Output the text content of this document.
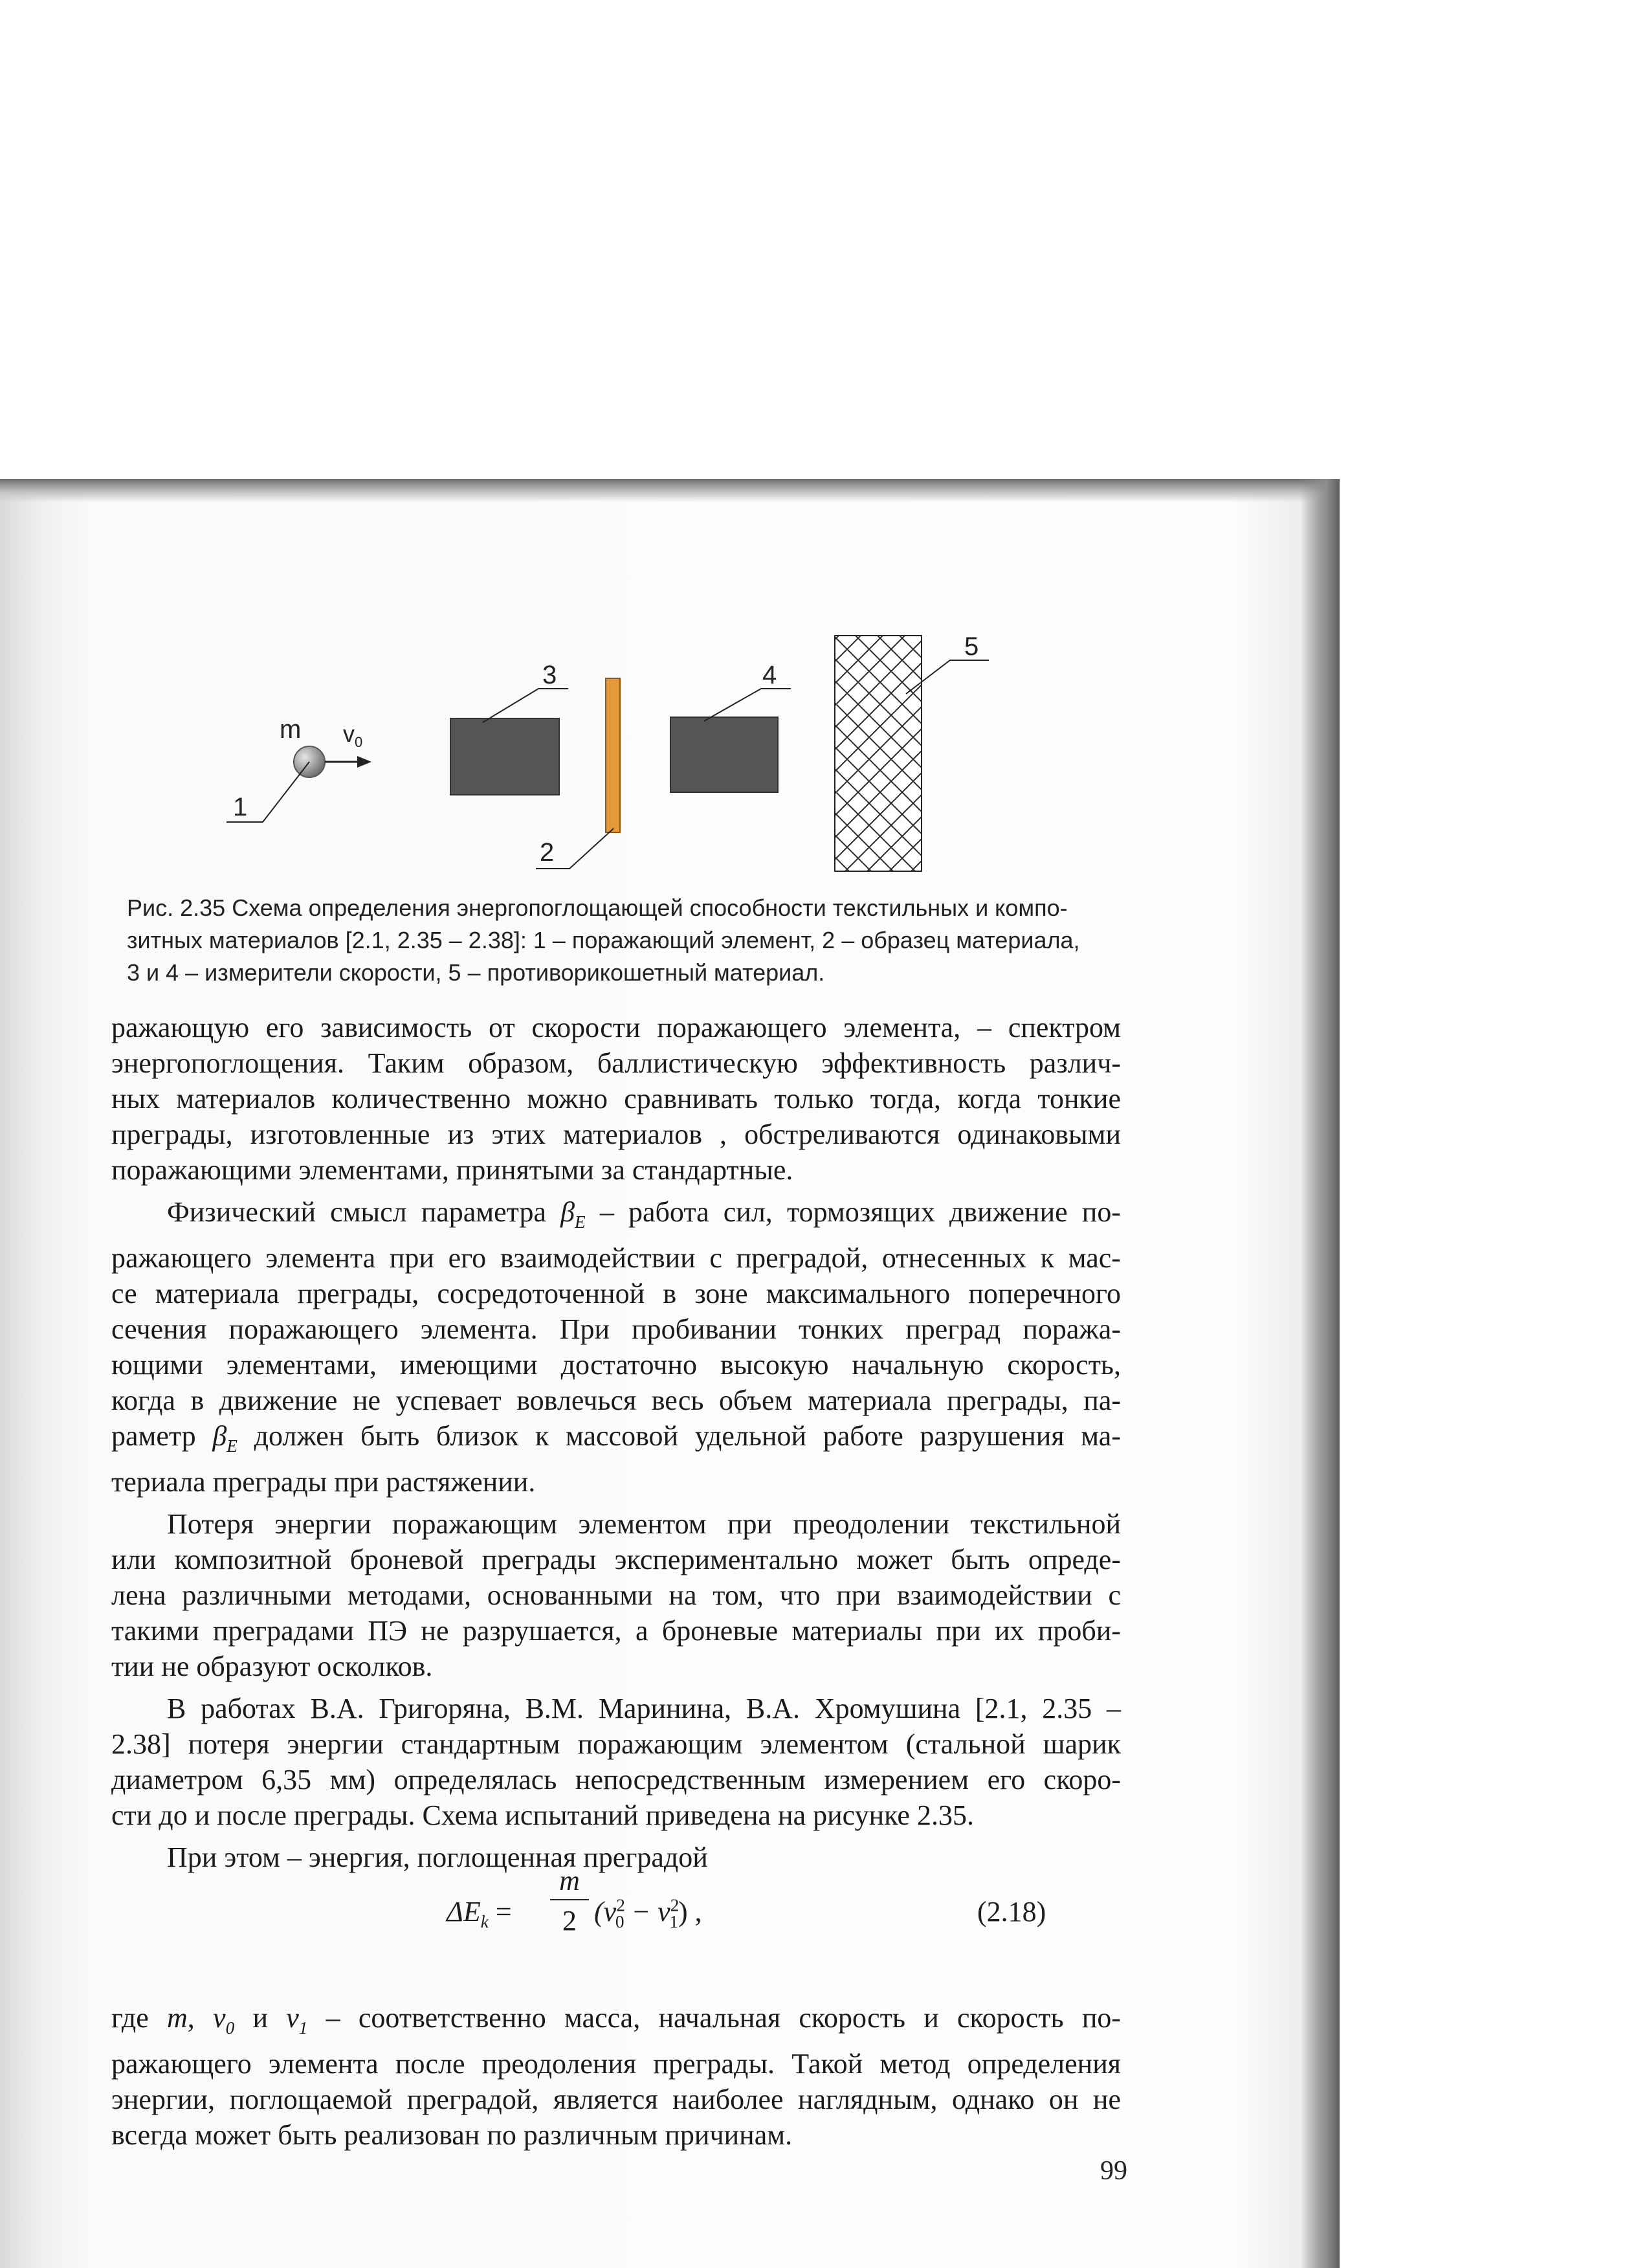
m $v_0$
1
3
2
4
5
Рис. 2.35 Схема определения энергопоглощающей способности текстильных и компо-
зитных материалов [2.1, 2.35 – 2.38]: 1 – поражающий элемент, 2 – образец материала,
3 и 4 – измерители скорости, 5 – противорикошетный материал.
ражающую его зависимость от скорости поражающего элемента, – спектром
энергопоглощения. Таким образом, баллистическую эффективность различ-
ных материалов количественно можно сравнивать только тогда, когда тонкие
преграды, изготовленные из этих материалов , обстреливаются одинаковыми
поражающими элементами, принятыми за стандартные.
Физический смысл параметра $\beta_E$ – работа сил, тормозящих движение по-
ражающего элемента при его взаимодействии с преградой, отнесенных к мас-
се материала преграды, сосредоточенной в зоне максимального поперечного
сечения поражающего элемента. При пробивании тонких преград поража-
ющими элементами, имеющими достаточно высокую начальную скорость,
когда в движение не успевает вовлечься весь объем материала преграды, па-
раметр $\beta_E$ должен быть близок к массовой удельной работе разрушения ма-
териала преграды при растяжении.
Потеря энергии поражающим элементом при преодолении текстильной
или композитной броневой преграды экспериментально может быть опреде-
лена различными методами, основанными на том, что при взаимодействии с
такими преградами ПЭ не разрушается, а броневые материалы при их проби-
тии не образуют осколков.
В работах В.А. Григоряна, В.М. Маринина, В.А. Хромушина [2.1, 2.35 –
2.38] потеря энергии стандартным поражающим элементом (стальной шарик
диаметром 6,35 мм) определялась непосредственным измерением его скоро-
сти до и после преграды. Схема испытаний приведена на рисунке 2.35.
При этом – энергия, поглощенная преградой
$\Delta E_k$ =
m
2 $(v^2_0 - v^2_1)$ ,	(2.18)
где m, $v_0$ и $v_1$ – соответственно масса, начальная скорость и скорость по-
ражающего элемента после преодоления преграды. Такой метод определения
энергии, поглощаемой преградой, является наиболее наглядным, однако он не
всегда может быть реализован по различным причинам.
99
